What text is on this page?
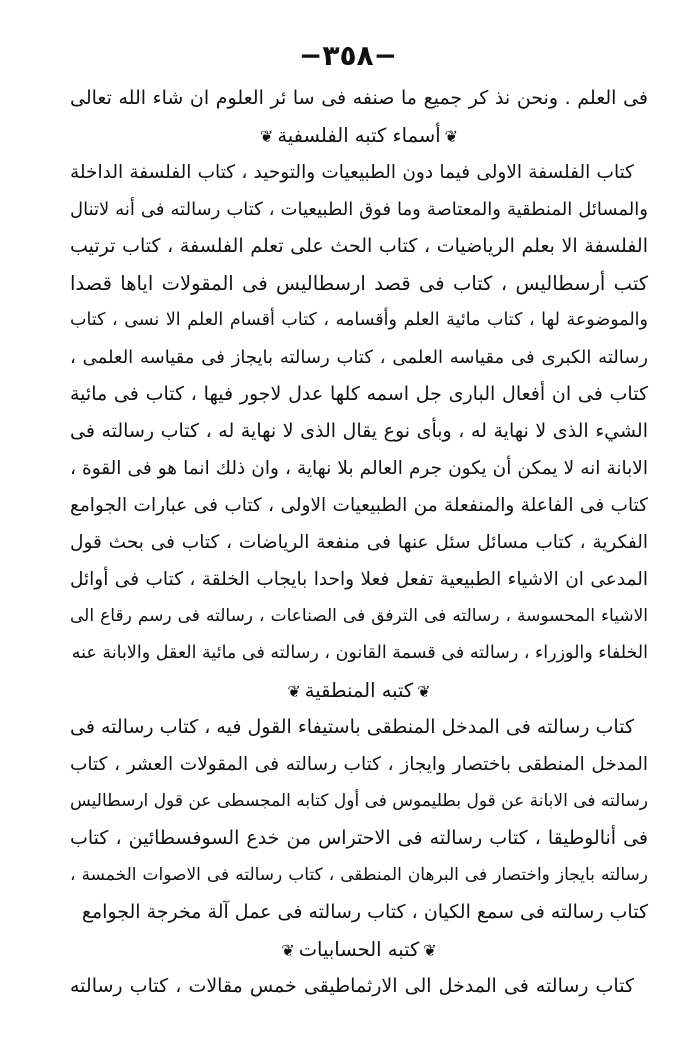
−٣٥٨−
فى العلم . ونحن نذ كر جميع ما صنفه فى سا ئر العلوم ان شاء الله تعالى
❦أسماء كتبه الفلسفية❦
كتاب الفلسفة الاولى فيما دون الطبيعيات والتوحيد ، كتاب الفلسفة الداخلة
والمسائل المنطقية والمعتاصة وما فوق الطبيعيات ، كتاب رسالته فى أنه لاتنال
الفلسفة الا بعلم الرياضيات ، كتاب الحث على تعلم الفلسفة ، كتاب ترتيب
كتب أرسطاليس ، كتاب فى قصد ارسطاليس فى المقولات اياها قصدا
والموضوعة لها ، كتاب مائية العلم وأقسامه ، كتاب أقسام العلم الا نسى ، كتاب
رسالته الكبرى فى مقياسه العلمى ، كتاب رسالته بايجاز فى مقياسه العلمى ،
كتاب فى ان أفعال البارى جل اسمه كلها عدل لاجور فيها ، كتاب فى مائية
الشيء الذى لا نهاية له ، وبأى نوع يقال الذى لا نهاية له ، كتاب رسالته فى
الابانة انه لا يمكن أن يكون جرم العالم بلا نهاية ، وان ذلك انما هو فى القوة ،
كتاب فى الفاعلة والمنفعلة من الطبيعيات الاولى ، كتاب فى عبارات الجوامع
الفكرية ، كتاب مسائل سئل عنها فى منفعة الرياضات ، كتاب فى بحث قول
المدعى ان الاشياء الطبيعية تفعل فعلا واحدا بايجاب الخلقة ، كتاب فى أوائل
الاشياء المحسوسة ، رسالته فى الترفق فى الصناعات ، رسالته فى رسم رقاع الى
الخلفاء والوزراء ، رسالته فى قسمة القانون ، رسالته فى مائية العقل والابانة عنه
❦كتبه المنطقية❦
كتاب رسالته فى المدخل المنطقى باستيفاء القول فيه ، كتاب رسالته فى
المدخل المنطقى باختصار وايجاز ، كتاب رسالته فى المقولات العشر ، كتاب
رسالته فى الابانة عن قول بطليموس فى أول كتابه المجسطى عن قول ارسطاليس
فى أنالوطيقا ، كتاب رسالته فى الاحتراس من خدع السوفسطائين ، كتاب
رسالته بايجاز واختصار فى البرهان المنطقى ، كتاب رسالته فى الاصوات الخمسة ،
كتاب رسالته فى سمع الكيان ، كتاب رسالته فى عمل آلة مخرجة الجوامع
❦كتبه الحسابيات❦
كتاب رسالته فى المدخل الى الارثماطيقى خمس مقالات ، كتاب رسالته
